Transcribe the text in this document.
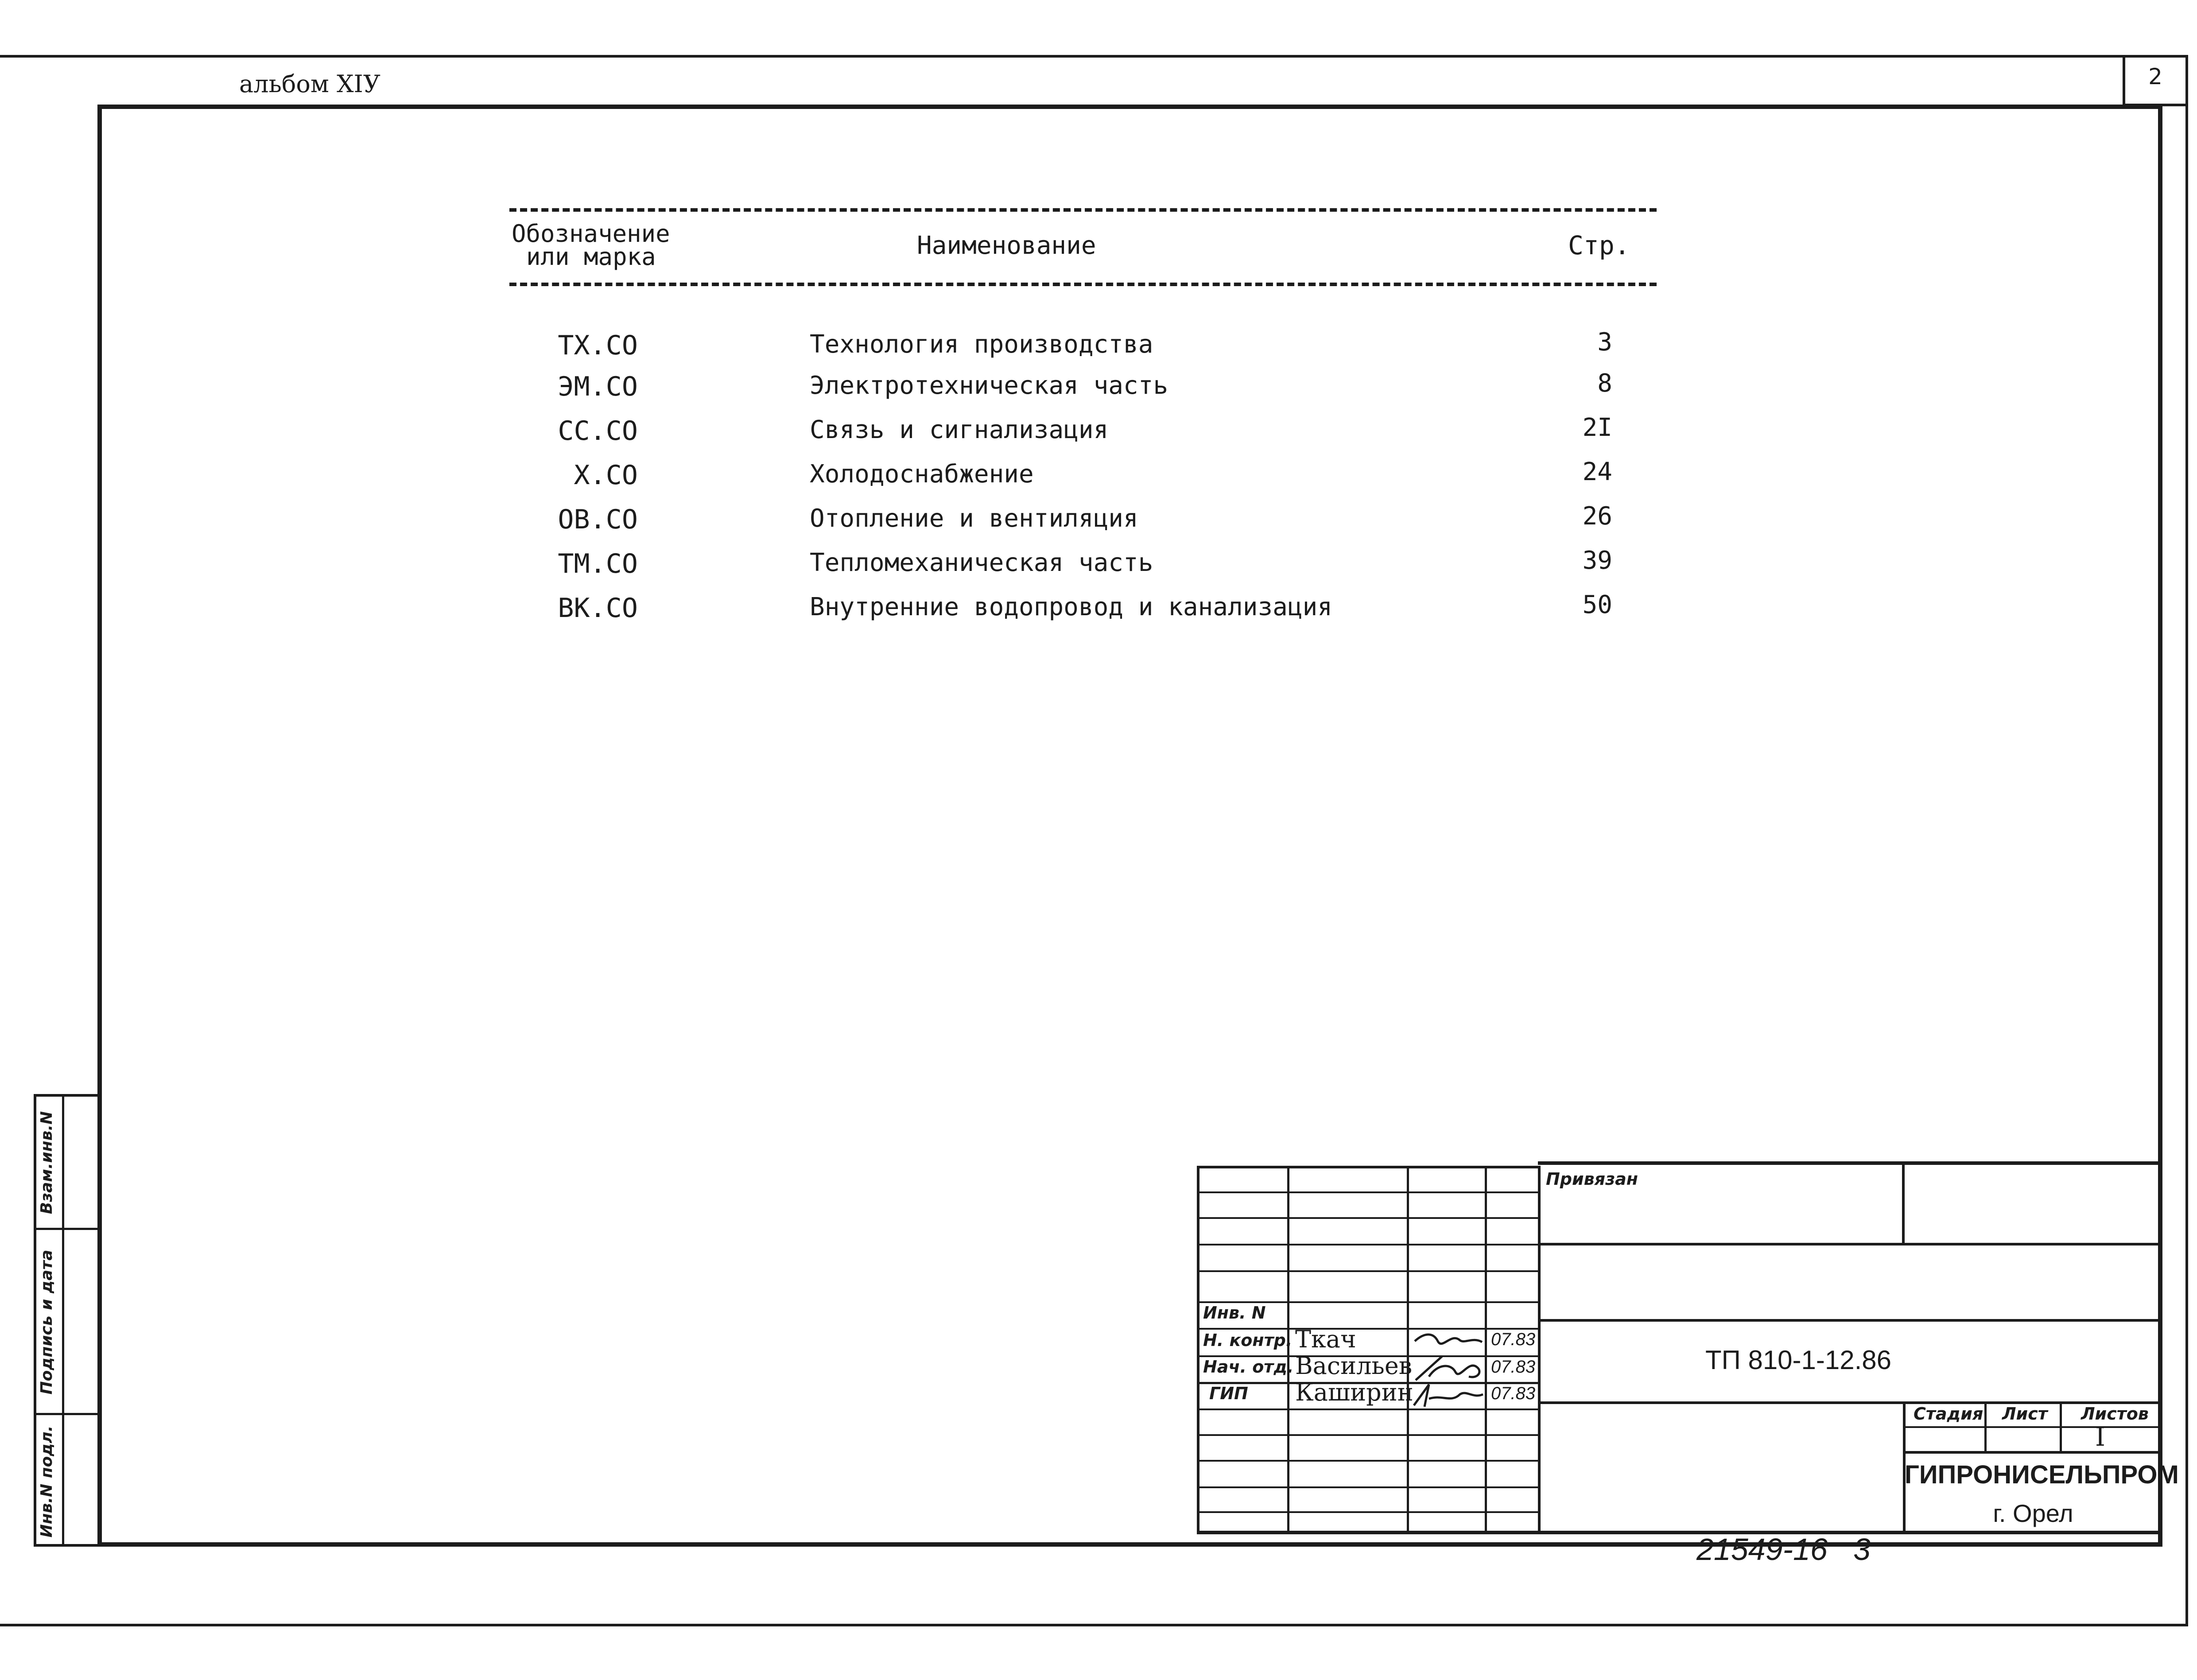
альбом XIУ	2
Обозначение
или марка	Наименование	Стр.
ТХ.СО	Технология производства	3
ЭМ.СО	Электротехническая часть	8
СС.СО	Связь и сигнализация	2I
Х.СО	Холодоснабжение	24
ОВ.СО	Отопление и вентиляция	26
ТМ.СО	Тепломеханическая часть	39
ВК.СО	Внутренние водопровод и канализация	50
Взам.инв.N
Подпись и дата
Инв.N подл.
Инв. N
Н. контр. Ткач	07.83
Нач. отд. Васильев	07.83
ГИП Каширин	07.83
Привязан
ТП 810-1-12.86
Стадия Лист Листов
I
ГИПРОНИСЕЛЬПРОМ
г. Орел
21549-16   3
